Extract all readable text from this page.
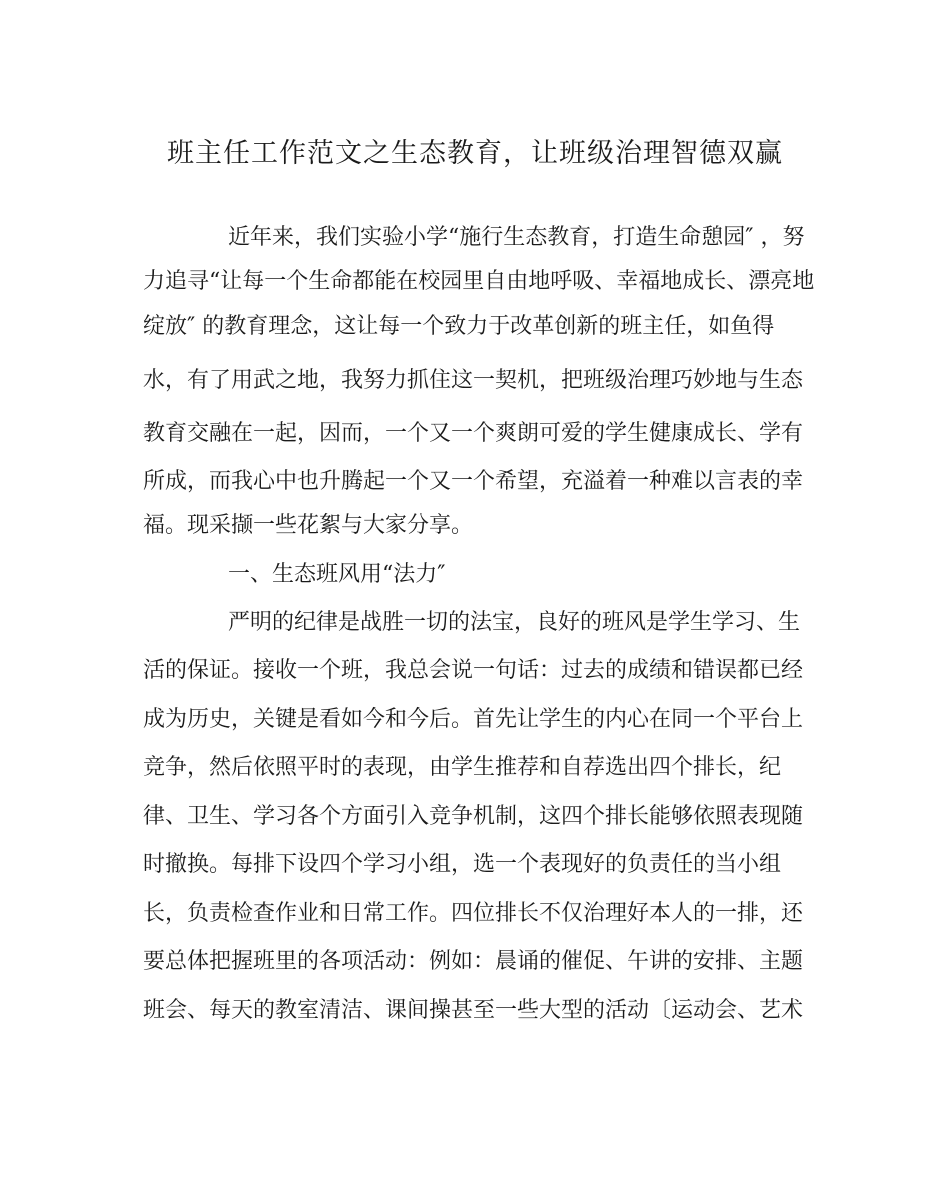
班主任工作范文之生态教育，让班级治理智德双赢
近年来，我们实验小学“施行生态教育，打造生命憩园″ ，努
力追寻“让每一个生命都能在校园里自由地呼吸、幸福地成长、漂亮地
绽放″ 的教育理念，这让每一个致力于改革创新的班主任，如鱼得
水，有了用武之地，我努力抓住这一契机，把班级治理巧妙地与生态
教育交融在一起，因而，一个又一个爽朗可爱的学生健康成长、学有
所成，而我心中也升腾起一个又一个希望，充溢着一种难以言表的幸
福。现采撷一些花絮与大家分享。
一、生态班风用“法力″
严明的纪律是战胜一切的法宝，良好的班风是学生学习、生
活的保证。接收一个班，我总会说一句话：过去的成绩和错误都已经
成为历史，关键是看如今和今后。首先让学生的内心在同一个平台上
竞争，然后依照平时的表现，由学生推荐和自荐选出四个排长，纪
律、卫生、学习各个方面引入竞争机制，这四个排长能够依照表现随
时撤换。每排下设四个学习小组，选一个表现好的负责任的当小组
长，负责检查作业和日常工作。四位排长不仅治理好本人的一排，还
要总体把握班里的各项活动：例如：晨诵的催促、午讲的安排、主题
班会、每天的教室清洁、课间操甚至一些大型的活动〔运动会、艺术
